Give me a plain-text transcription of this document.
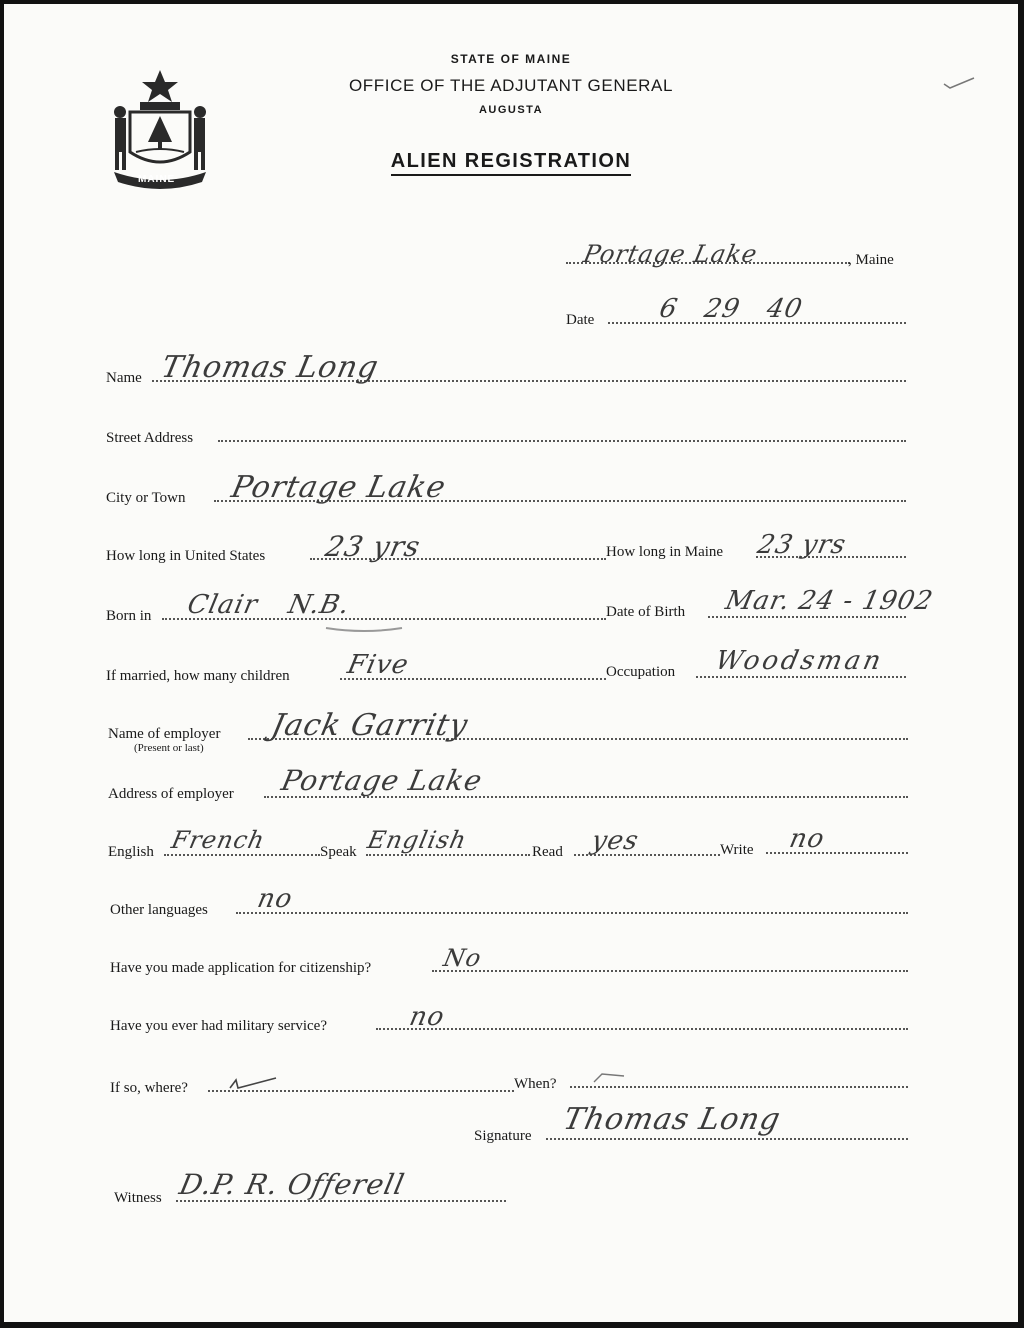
MAINE
STATE OF MAINE
OFFICE OF THE ADJUTANT GENERAL
AUGUSTA
ALIEN REGISTRATION
Portage Lake	, Maine
Date 6 29 40
Name Thomas Long
Street Address
City or Town Portage Lake
How long in United States 23 yrs	How long in Maine 23 yrs
Born in Clair N.B.	Date of Birth Mar. 24 - 1902
If married, how many children Five	Occupation Woodsman
Name of employer
(Present or last)
Jack Garrity
Address of employer Portage Lake
English French	Speak English	Read yes	Write no
Other languages no
Have you made application for citizenship?	No
Have you ever had military service?	no
If so, where?	When?
Signature Thomas Long
Witness D.P. R. Offerell
